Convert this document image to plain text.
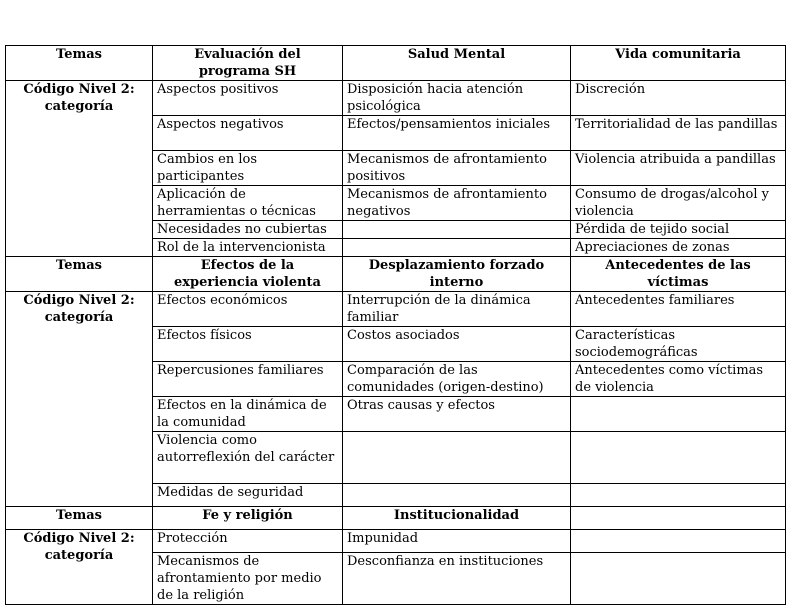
Temas	Evaluación del programa SH	Salud Mental	Vida comunitaria
Código Nivel 2: categoría	Aspectos positivos	Disposición hacia atención psicológica	Discreción
	Aspectos negativos	Efectos/pensamientos iniciales	Territorialidad de las pandillas
	Cambios en los participantes	Mecanismos de afrontamiento positivos	Violencia atribuida a pandillas
	Aplicación de herramientas o técnicas	Mecanismos de afrontamiento negativos	Consumo de drogas/alcohol y violencia
	Necesidades no cubiertas		Pérdida de tejido social
	Rol de la intervencionista		Apreciaciones de zonas
Temas	Efectos de la experiencia violenta	Desplazamiento forzado interno	Antecedentes de las víctimas
Código Nivel 2: categoría	Efectos económicos	Interrupción de la dinámica familiar	Antecedentes familiares
	Efectos físicos	Costos asociados	Características sociodemográficas
	Repercusiones familiares	Comparación de las comunidades (origen-destino)	Antecedentes como víctimas de violencia
	Efectos en la dinámica de la comunidad	Otras causas y efectos	
	Violencia como autorreflexión del carácter		
	Medidas de seguridad		
Temas	Fe y religión	Institucionalidad	
Código Nivel 2: categoría	Protección	Impunidad	
	Mecanismos de afrontamiento por medio de la religión	Desconfianza en instituciones	
